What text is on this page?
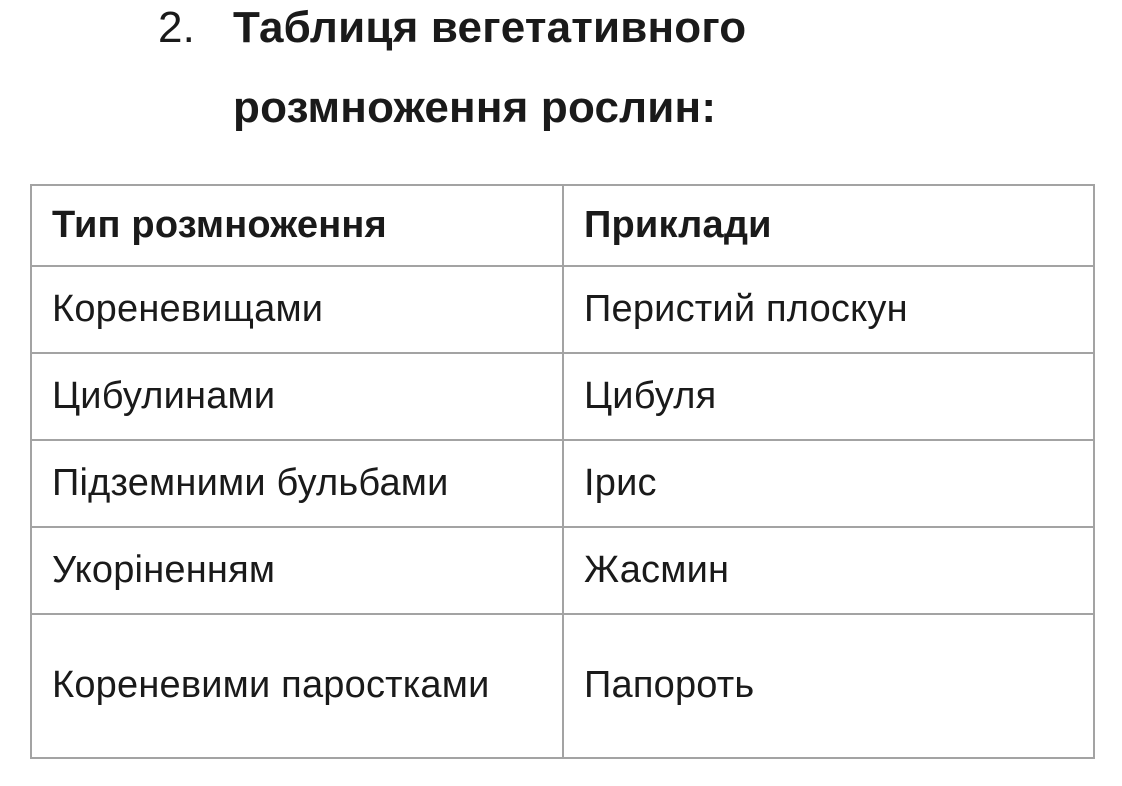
2. Таблиця вегетативного розмноження рослин:
Тип розмноження	Приклади
Кореневищами	Перистий плоскун
Цибулинами	Цибуля
Підземними бульбами	Ірис
Укоріненням	Жасмин
Кореневими паростками	Папороть
